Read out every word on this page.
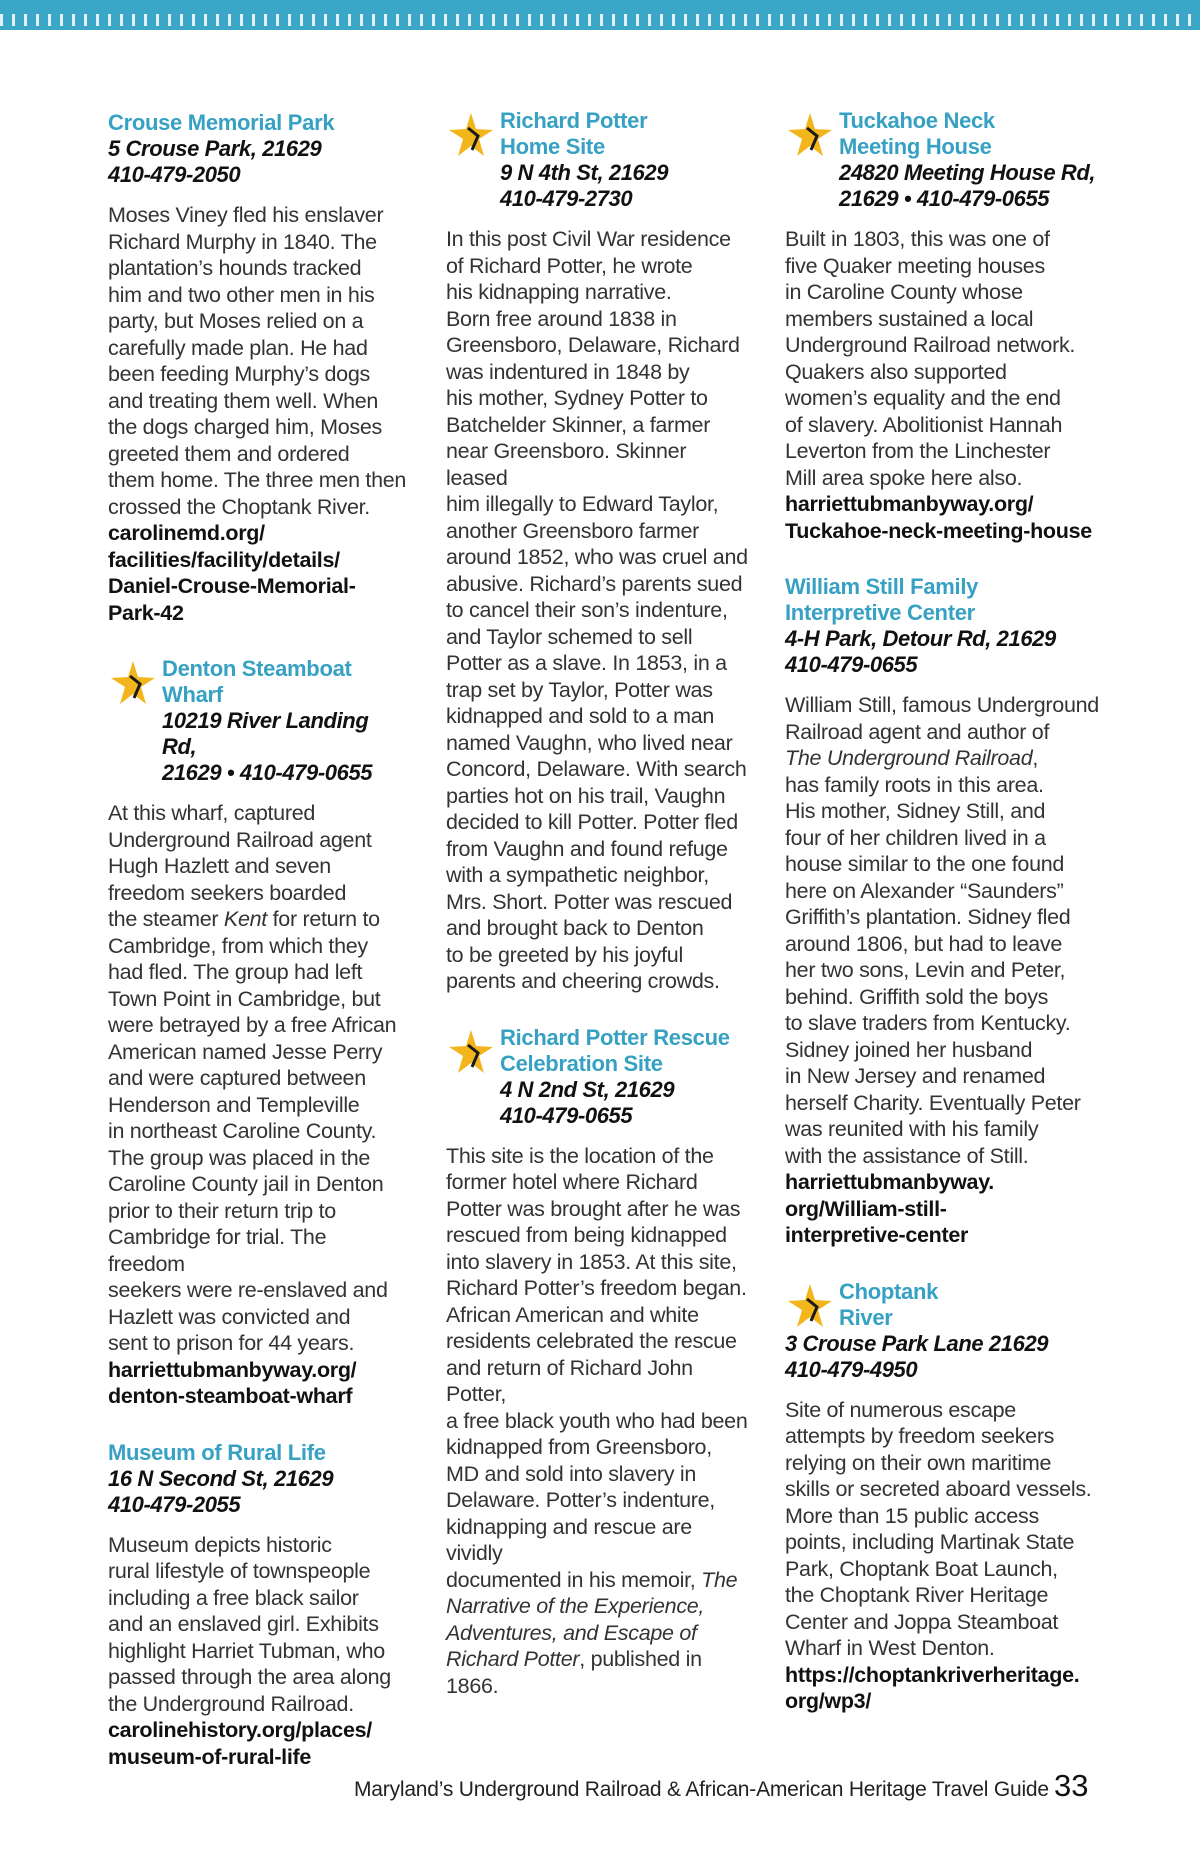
Crouse Memorial Park
5 Crouse Park, 21629
410-479-2050
Moses Viney fled his enslaver
Richard Murphy in 1840. The
plantation’s hounds tracked
him and two other men in his
party, but Moses relied on a
carefully made plan. He had
been feeding Murphy’s dogs
and treating them well. When
the dogs charged him, Moses
greeted them and ordered
them home. The three men then
crossed the Choptank River.
carolinemd.org/
facilities/facility/details/
Daniel-Crouse-Memorial-
Park-42
Denton Steamboat Wharf
10219 River Landing Rd,
21629 • 410-479-0655
At this wharf, captured
Underground Railroad agent
Hugh Hazlett and seven
freedom seekers boarded
the steamer Kent for return to
Cambridge, from which they
had fled. The group had left
Town Point in Cambridge, but
were betrayed by a free African
American named Jesse Perry
and were captured between
Henderson and Templeville
in northeast Caroline County.
The group was placed in the
Caroline County jail in Denton
prior to their return trip to
Cambridge for trial. The freedom
seekers were re-enslaved and
Hazlett was convicted and
sent to prison for 44 years.
harriettubmanbyway.org/
denton-steamboat-wharf
Museum of Rural Life
16 N Second St, 21629
410-479-2055
Museum depicts historic
rural lifestyle of townspeople
including a free black sailor
and an enslaved girl. Exhibits
highlight Harriet Tubman, who
passed through the area along
the Underground Railroad.
carolinehistory.org/places/
museum-of-rural-life
Richard Potter
Home Site
9 N 4th St, 21629
410-479-2730
In this post Civil War residence
of Richard Potter, he wrote
his kidnapping narrative.
Born free around 1838 in
Greensboro, Delaware, Richard
was indentured in 1848 by
his mother, Sydney Potter to
Batchelder Skinner, a farmer
near Greensboro. Skinner leased
him illegally to Edward Taylor,
another Greensboro farmer
around 1852, who was cruel and
abusive. Richard’s parents sued
to cancel their son’s indenture,
and Taylor schemed to sell
Potter as a slave. In 1853, in a
trap set by Taylor, Potter was
kidnapped and sold to a man
named Vaughn, who lived near
Concord, Delaware. With search
parties hot on his trail, Vaughn
decided to kill Potter. Potter fled
from Vaughn and found refuge
with a sympathetic neighbor,
Mrs. Short. Potter was rescued
and brought back to Denton
to be greeted by his joyful
parents and cheering crowds.
Richard Potter Rescue
Celebration Site
4 N 2nd St, 21629
410-479-0655
This site is the location of the
former hotel where Richard
Potter was brought after he was
rescued from being kidnapped
into slavery in 1853. At this site,
Richard Potter’s freedom began.
African American and white
residents celebrated the rescue
and return of Richard John Potter,
a free black youth who had been
kidnapped from Greensboro,
MD and sold into slavery in
Delaware. Potter’s indenture,
kidnapping and rescue are vividly
documented in his memoir, The
Narrative of the Experience,
Adventures, and Escape of
Richard Potter, published in 1866.
Tuckahoe Neck
Meeting House
24820 Meeting House Rd,
21629 • 410-479-0655
Built in 1803, this was one of
five Quaker meeting houses
in Caroline County whose
members sustained a local
Underground Railroad network.
Quakers also supported
women’s equality and the end
of slavery. Abolitionist Hannah
Leverton from the Linchester
Mill area spoke here also.
harriettubmanbyway.org/
Tuckahoe-neck-meeting-house
William Still Family
Interpretive Center
4-H Park, Detour Rd, 21629
410-479-0655
William Still, famous Underground
Railroad agent and author of
The Underground Railroad,
has family roots in this area.
His mother, Sidney Still, and
four of her children lived in a
house similar to the one found
here on Alexander “Saunders”
Griffith’s plantation. Sidney fled
around 1806, but had to leave
her two sons, Levin and Peter,
behind. Griffith sold the boys
to slave traders from Kentucky.
Sidney joined her husband
in New Jersey and renamed
herself Charity. Eventually Peter
was reunited with his family
with the assistance of Still.
harriettubmanbyway.
org/William-still-
interpretive-center
Choptank
River
3 Crouse Park Lane 21629
410-479-4950
Site of numerous escape
attempts by freedom seekers
relying on their own maritime
skills or secreted aboard vessels.
More than 15 public access
points, including Martinak State
Park, Choptank Boat Launch,
the Choptank River Heritage
Center and Joppa Steamboat
Wharf in West Denton.
https://choptankriverheritage.
org/wp3/
Maryland’s Underground Railroad & African-American Heritage Travel Guide 33
